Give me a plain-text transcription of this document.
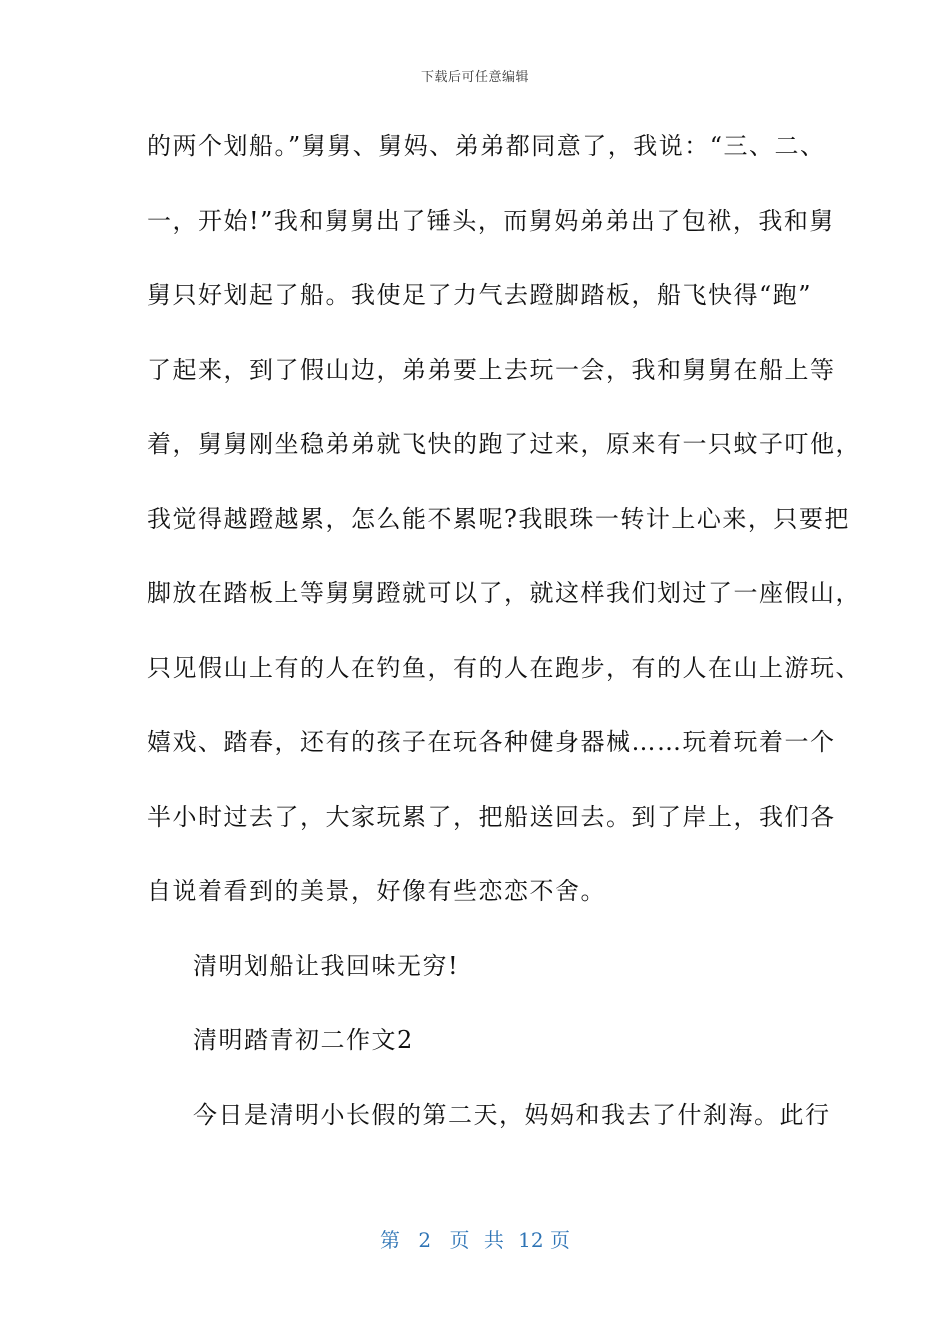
下载后可任意编辑
的两个划船。”舅舅、舅妈、弟弟都同意了，我说：“三、二、
一，开始!”我和舅舅出了锤头，而舅妈弟弟出了包袱，我和舅
舅只好划起了船。我使足了力气去蹬脚踏板，船飞快得“跑”
了起来，到了假山边，弟弟要上去玩一会，我和舅舅在船上等
着，舅舅刚坐稳弟弟就飞快的跑了过来，原来有一只蚊子叮他，
我觉得越蹬越累，怎么能不累呢?我眼珠一转计上心来，只要把
脚放在踏板上等舅舅蹬就可以了，就这样我们划过了一座假山，
只见假山上有的人在钓鱼，有的人在跑步，有的人在山上游玩、
嬉戏、踏春，还有的孩子在玩各种健身器械……玩着玩着一个
半小时过去了，大家玩累了，把船送回去。到了岸上，我们各
自说着看到的美景，好像有些恋恋不舍。
清明划船让我回味无穷!
清明踏青初二作文2
今日是清明小长假的第二天，妈妈和我去了什刹海。此行
第 2 页 共 12 页
